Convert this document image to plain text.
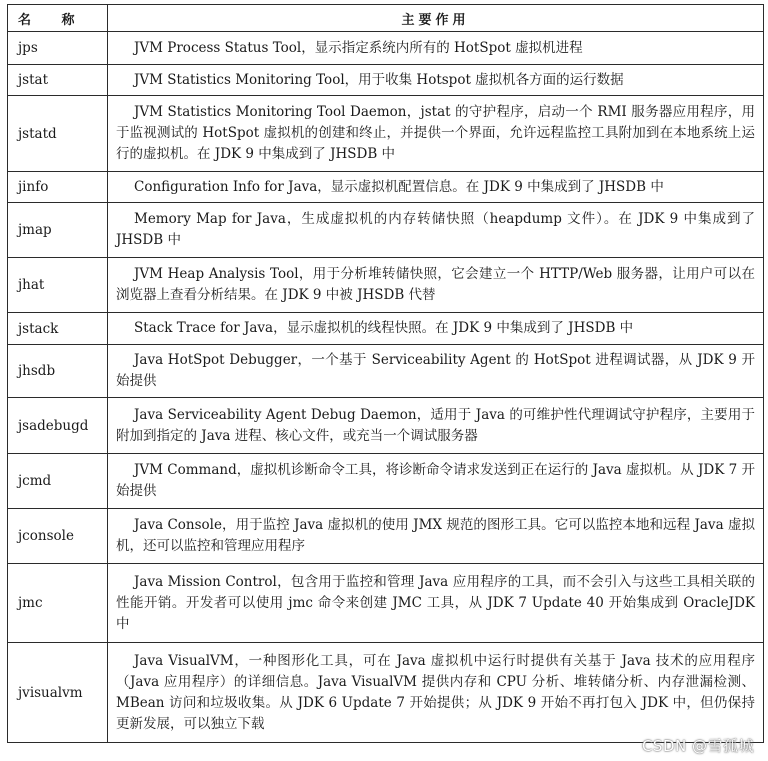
名 称	主要作用
jps	JVM Process Status Tool，显示指定系统内所有的 HotSpot 虚拟机进程
jstat	JVM Statistics Monitoring Tool，用于收集 Hotspot 虚拟机各方面的运行数据
jstatd	JVM Statistics Monitoring Tool Daemon，jstat 的守护程序，启动一个 RMI 服务器应用程序，用于监视测试的 HotSpot 虚拟机的创建和终止，并提供一个界面，允许远程监控工具附加到在本地系统上运行的虚拟机。在 JDK 9 中集成到了 JHSDB 中
jinfo	Configuration Info for Java，显示虚拟机配置信息。在 JDK 9 中集成到了 JHSDB 中
jmap	Memory Map for Java，生成虚拟机的内存转储快照（heapdump 文件）。在 JDK 9 中集成到了 JHSDB 中
jhat	JVM Heap Analysis Tool，用于分析堆转储快照，它会建立一个 HTTP/Web 服务器，让用户可以在浏览器上查看分析结果。在 JDK 9 中被 JHSDB 代替
jstack	Stack Trace for Java，显示虚拟机的线程快照。在 JDK 9 中集成到了 JHSDB 中
jhsdb	Java HotSpot Debugger，一个基于 Serviceability Agent 的 HotSpot 进程调试器，从 JDK 9 开始提供
jsadebugd	Java Serviceability Agent Debug Daemon，适用于 Java 的可维护性代理调试守护程序，主要用于附加到指定的 Java 进程、核心文件，或充当一个调试服务器
jcmd	JVM Command，虚拟机诊断命令工具，将诊断命令请求发送到正在运行的 Java 虚拟机。从 JDK 7 开始提供
jconsole	Java Console，用于监控 Java 虚拟机的使用 JMX 规范的图形工具。它可以监控本地和远程 Java 虚拟机，还可以监控和管理应用程序
jmc	Java Mission Control，包含用于监控和管理 Java 应用程序的工具，而不会引入与这些工具相关联的性能开销。开发者可以使用 jmc 命令来创建 JMC 工具，从 JDK 7 Update 40 开始集成到 OracleJDK 中
jvisualvm	Java VisualVM，一种图形化工具，可在 Java 虚拟机中运行时提供有关基于 Java 技术的应用程序（Java 应用程序）的详细信息。Java VisualVM 提供内存和 CPU 分析、堆转储分析、内存泄漏检测、MBean 访问和垃圾收集。从 JDK 6 Update 7 开始提供；从 JDK 9 开始不再打包入 JDK 中，但仍保持更新发展，可以独立下载
CSDN @雪孤城
